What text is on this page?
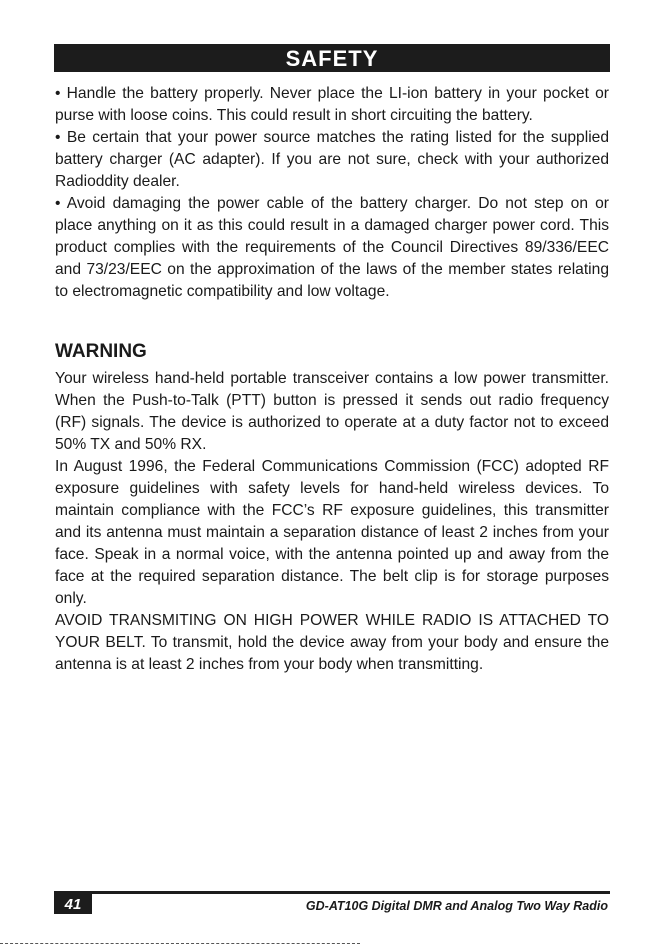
SAFETY

• Handle the battery properly. Never place the LI-ion battery in your pocket or purse with loose coins. This could result in short circuiting the battery.

• Be certain that your power source matches the rating listed for the supplied battery charger (AC adapter). If you are not sure, check with your authorized Radioddity dealer.

• Avoid damaging the power cable of the battery charger. Do not step on or place anything on it as this could result in a damaged charger power cord. This product complies with the requirements of the Council Directives 89/336/EEC and 73/23/EEC on the approximation of the laws of the member states relating to electromagnetic compatibility and low voltage.

WARNING

Your wireless hand-held portable transceiver contains a low power transmitter. When the Push-to-Talk (PTT) button is pressed it sends out radio frequency (RF) signals. The device is authorized to operate at a duty factor not to exceed 50% TX and 50% RX.

In August 1996, the Federal Communications Commission (FCC) adopted RF exposure guidelines with safety levels for hand-held wireless devices. To maintain compliance with the FCC’s RF exposure guidelines, this transmitter and its antenna must maintain a separation distance of least 2 inches from your face. Speak in a normal voice, with the antenna pointed up and away from the face at the required separation distance. The belt clip is for storage purposes only.

AVOID TRANSMITING ON HIGH POWER WHILE RADIO IS ATTACHED TO YOUR BELT. To transmit, hold the device away from your body and ensure the antenna is at least 2 inches from your body when transmitting.

41	GD-AT10G Digital DMR and Analog Two Way Radio
